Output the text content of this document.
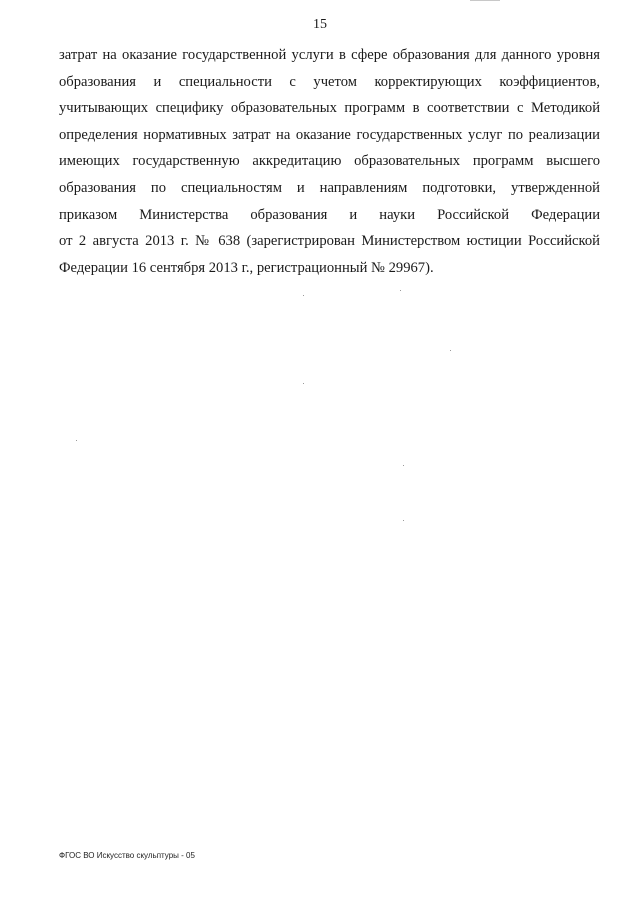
15
затрат на оказание государственной услуги в сфере образования для данного уровня
образования и специальности с учетом корректирующих коэффициентов,
учитывающих специфику образовательных программ в соответствии с Методикой
определения нормативных затрат на оказание государственных услуг по реализации
имеющих государственную аккредитацию образовательных программ высшего
образования по специальностям и направлениям подготовки, утвержденной
приказом Министерства образования и науки Российской Федерации
от 2 августа 2013 г. № 638 (зарегистрирован Министерством юстиции Российской
Федерации 16 сентября 2013 г., регистрационный № 29967).
ФГОС ВО Искусство скульптуры - 05
